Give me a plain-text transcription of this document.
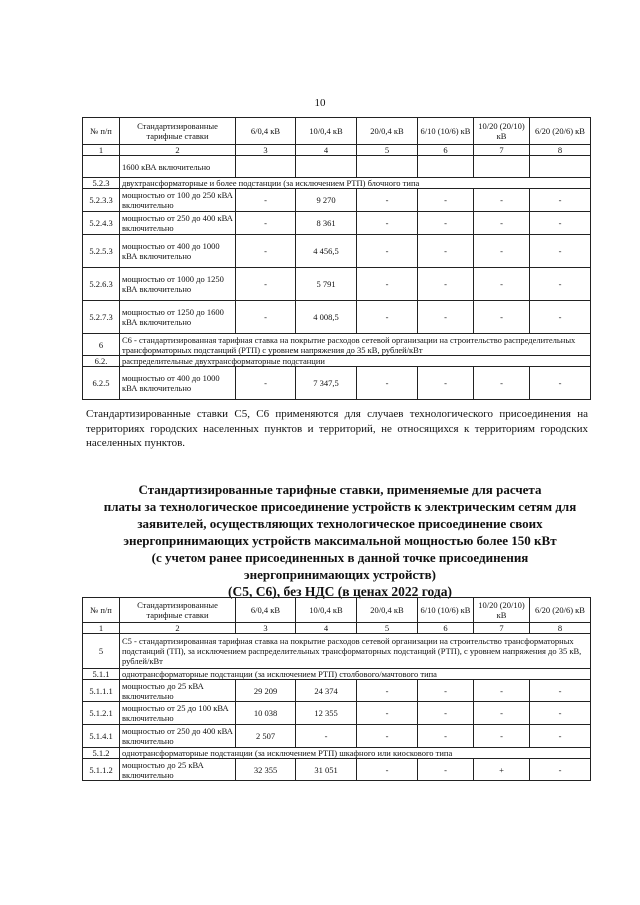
10
№ п/п	Стандартизированные тарифные ставки	6/0,4 кВ	10/0,4 кВ	20/0,4 кВ	6/10 (10/6) кВ	10/20 (20/10) кВ	6/20 (20/6) кВ
1	2	3	4	5	6	7	8
	1600 кВА включительно						
5.2.3	двухтрансформаторные и более подстанции (за исключением РТП) блочного типа						
5.2.3.3	мощностью от 100 до 250 кВА включительно	-	9 270	-	-	-	-
5.2.4.3	мощностью от 250 до 400 кВА включительно	-	8 361	-	-	-	-
5.2.5.3	мощностью от 400 до 1000 кВА включительно	-	4 456,5	-	-	-	-
5.2.6.3	мощностью от 1000 до 1250 кВА включительно	-	5 791	-	-	-	-
5.2.7.3	мощностью от 1250 до 1600 кВА включительно	-	4 008,5	-	-	-	-
6	С6 - стандартизированная тарифная ставка на покрытие расходов сетевой организации на строительство распределительных трансформаторных подстанций (РТП) с уровнем напряжения до 35 кВ, рублей/кВт						
6.2.	распределительные двухтрансформаторные подстанции						
6.2.5	мощностью от 400 до 1000 кВА включительно	-	7 347,5	-	-	-	-
Стандартизированные ставки С5, С6 применяются для случаев технологического присоединения на территориях городских населенных пунктов и территорий, не относящихся к территориям городских населенных пунктов.
Стандартизированные тарифные ставки, применяемые для расчета
платы за технологическое присоединение устройств к электрическим сетям для
заявителей, осуществляющих технологическое присоединение своих
энергопринимающих устройств максимальной мощностью более 150 кВт
(с учетом ранее присоединенных в данной точке присоединения
энергопринимающих устройств)
(С5, С6), без НДС (в ценах 2022 года)
№ п/п	Стандартизированные тарифные ставки	6/0,4 кВ	10/0,4 кВ	20/0,4 кВ	6/10 (10/6) кВ	10/20 (20/10) кВ	6/20 (20/6) кВ
1	2	3	4	5	6	7	8
5	С5 - стандартизированная тарифная ставка на покрытие расходов сетевой организации на строительство трансформаторных подстанций (ТП), за исключением распределительных трансформаторных подстанций (РТП), с уровнем напряжения до 35 кВ, рублей/кВт						
5.1.1	однотрансформаторные подстанции (за исключением РТП) столбового/мачтового типа						
5.1.1.1	мощностью до 25 кВА включительно	29 209	24 374	-	-	-	-
5.1.2.1	мощностью от 25 до 100 кВА включительно	10 038	12 355	-	-	-	-
5.1.4.1	мощностью от 250 до 400 кВА включительно	2 507	-	-	-	-	-
5.1.2	однотрансформаторные подстанции (за исключением РТП) шкафного или киоскового типа						
5.1.1.2	мощностью до 25 кВА включительно	32 355	31 051	-	-	+	-
